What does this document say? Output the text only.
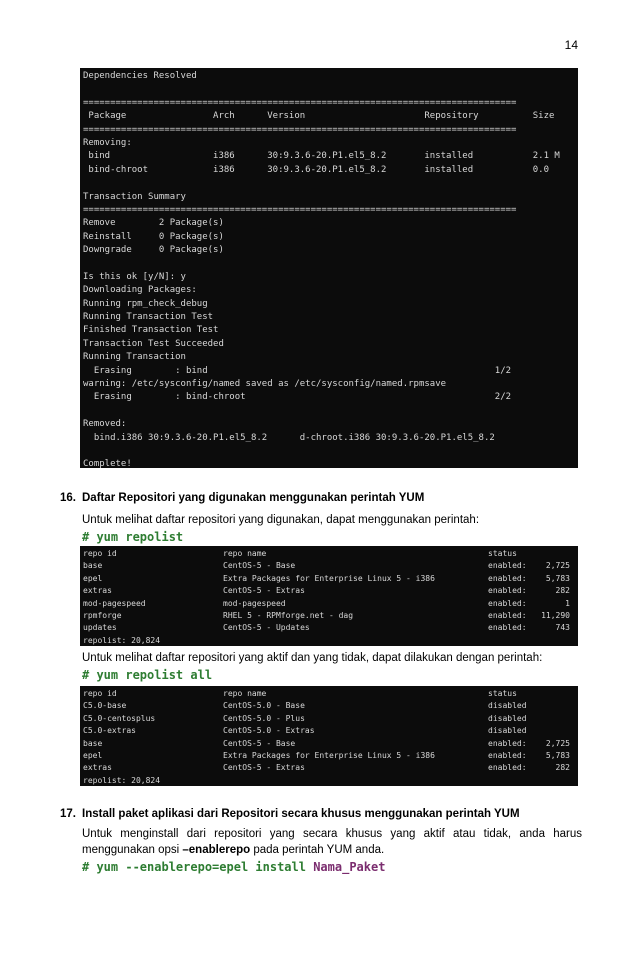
14
Dependencies Resolved
================================================================================
Package                Arch      Version                      Repository          Size
================================================================================
Removing:
bind                   i386      30:9.3.6-20.P1.el5_8.2       installed           2.1 M
bind-chroot            i386      30:9.3.6-20.P1.el5_8.2       installed           0.0
Transaction Summary
================================================================================
Remove        2 Package(s)
Reinstall     0 Package(s)
Downgrade     0 Package(s)
Is this ok [y/N]: y
Downloading Packages:
Running rpm_check_debug
Running Transaction Test
Finished Transaction Test
Transaction Test Succeeded
Running Transaction
Erasing        : bind                                                     1/2
warning: /etc/sysconfig/named saved as /etc/sysconfig/named.rpmsave
Erasing        : bind-chroot                                              2/2
Removed:
bind.i386 30:9.3.6-20.P1.el5_8.2      d-chroot.i386 30:9.3.6-20.P1.el5_8.2
Complete!
16. Daftar Repositori yang digunakan menggunakan perintah YUM
Untuk melihat daftar repositori yang digunakan, dapat menggunakan perintah:
# yum repolist
repo id	repo name	status
base	CentOS-5 - Base	enabled: 2,725
epel	Extra Packages for Enterprise Linux 5 - i386	enabled: 5,783
extras	CentOS-5 - Extras	enabled:	282
mod-pagespeed	mod-pagespeed	enabled:	1
rpmforge	RHEL 5 - RPMforge.net - dag	enabled: 11,290
updates	CentOS-5 - Updates	enabled:	743
repolist: 20,824
Untuk melihat daftar repositori yang aktif dan yang tidak, dapat dilakukan dengan perintah:
# yum repolist all
repo id	repo name	status
C5.0-base	CentOS-5.0 - Base	disabled
C5.0-centosplus	CentOS-5.0 - Plus	disabled
C5.0-extras	CentOS-5.0 - Extras	disabled
base	CentOS-5 - Base	enabled: 2,725
epel	Extra Packages for Enterprise Linux 5 - i386	enabled: 5,783
extras	CentOS-5 - Extras	enabled:	282
repolist: 20,824
17. Install paket aplikasi dari Repositori secara khusus menggunakan perintah YUM
Untuk menginstall dari repositori yang secara khusus yang aktif atau tidak, anda harus menggunakan opsi –enablerepo pada perintah YUM anda.
# yum --enablerepo=epel install Nama_Paket
